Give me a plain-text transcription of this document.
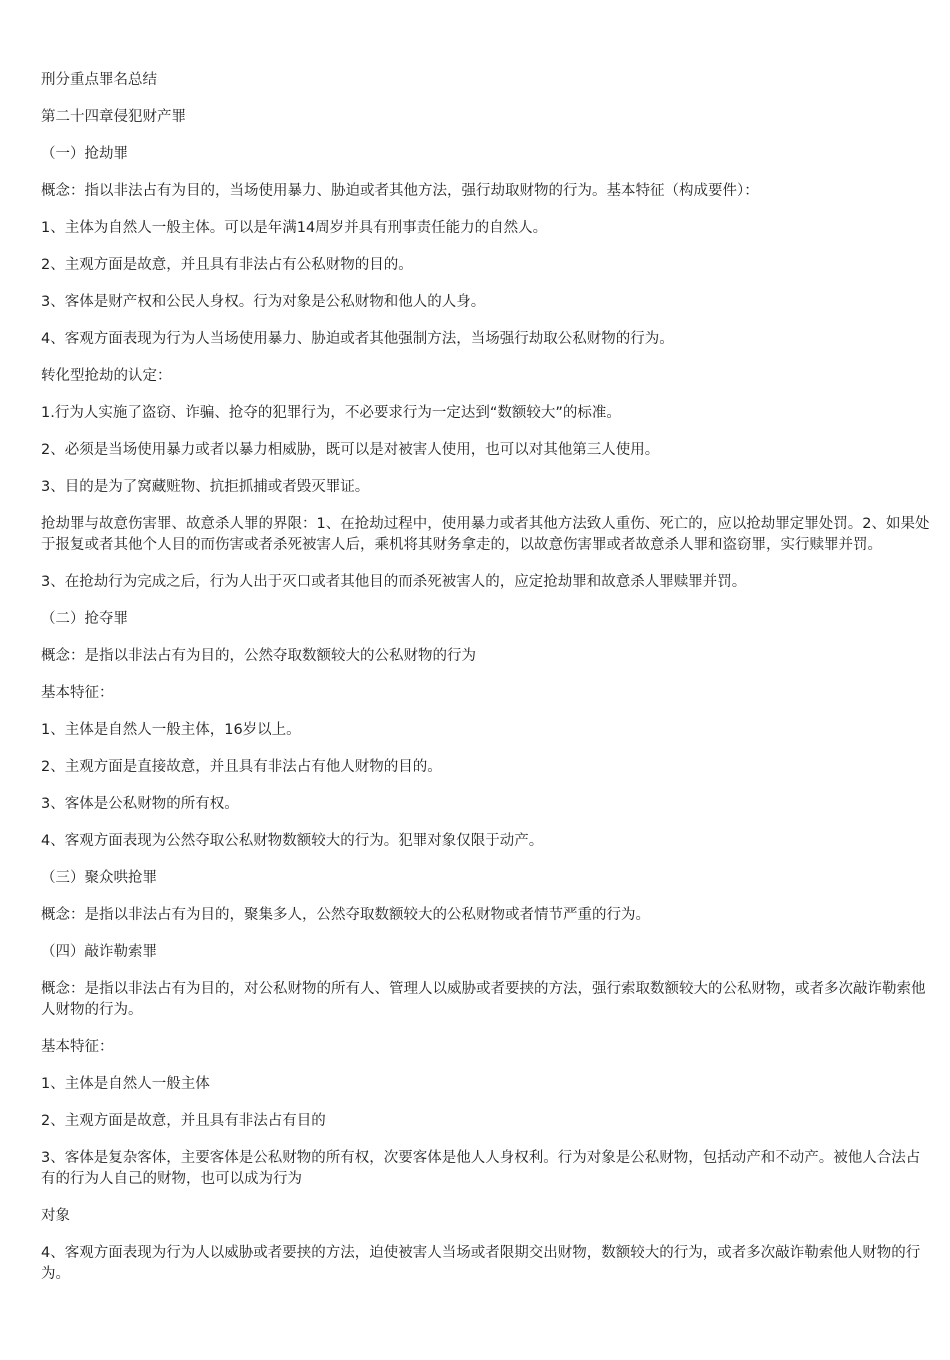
刑分重点罪名总结

第二十四章侵犯财产罪

（一）抢劫罪

概念：指以非法占有为目的，当场使用暴力、胁迫或者其他方法，强行劫取财物的行为。基本特征（构成要件）：

1、主体为自然人一般主体。可以是年满14周岁并具有刑事责任能力的自然人。

2、主观方面是故意，并且具有非法占有公私财物的目的。

3、客体是财产权和公民人身权。行为对象是公私财物和他人的人身。

4、客观方面表现为行为人当场使用暴力、胁迫或者其他强制方法，当场强行劫取公私财物的行为。

转化型抢劫的认定：

1.行为人实施了盗窃、诈骗、抢夺的犯罪行为，不必要求行为一定达到“数额较大”的标准。

2、必须是当场使用暴力或者以暴力相威胁，既可以是对被害人使用，也可以对其他第三人使用。

3、目的是为了窝藏赃物、抗拒抓捕或者毁灭罪证。

抢劫罪与故意伤害罪、故意杀人罪的界限：1、在抢劫过程中，使用暴力或者其他方法致人重伤、死亡的，应以抢劫罪定罪处罚。2、如果处于报复或者其他个人目的而伤害或者杀死被害人后，乘机将其财务拿走的，以故意伤害罪或者故意杀人罪和盗窃罪，实行赎罪并罚。

3、在抢劫行为完成之后，行为人出于灭口或者其他目的而杀死被害人的，应定抢劫罪和故意杀人罪赎罪并罚。

（二）抢夺罪

概念：是指以非法占有为目的，公然夺取数额较大的公私财物的行为

基本特征：

1、主体是自然人一般主体，16岁以上。

2、主观方面是直接故意，并且具有非法占有他人财物的目的。

3、客体是公私财物的所有权。

4、客观方面表现为公然夺取公私财物数额较大的行为。犯罪对象仅限于动产。

（三）聚众哄抢罪

概念：是指以非法占有为目的，聚集多人，公然夺取数额较大的公私财物或者情节严重的行为。

（四）敲诈勒索罪

概念：是指以非法占有为目的，对公私财物的所有人、管理人以威胁或者要挟的方法，强行索取数额较大的公私财物，或者多次敲诈勒索他人财物的行为。

基本特征：

1、主体是自然人一般主体

2、主观方面是故意，并且具有非法占有目的

3、客体是复杂客体，主要客体是公私财物的所有权，次要客体是他人人身权利。行为对象是公私财物，包括动产和不动产。被他人合法占有的行为人自己的财物，也可以成为行为

对象

4、客观方面表现为行为人以威胁或者要挟的方法，迫使被害人当场或者限期交出财物，数额较大的行为，或者多次敲诈勒索他人财物的行为。
